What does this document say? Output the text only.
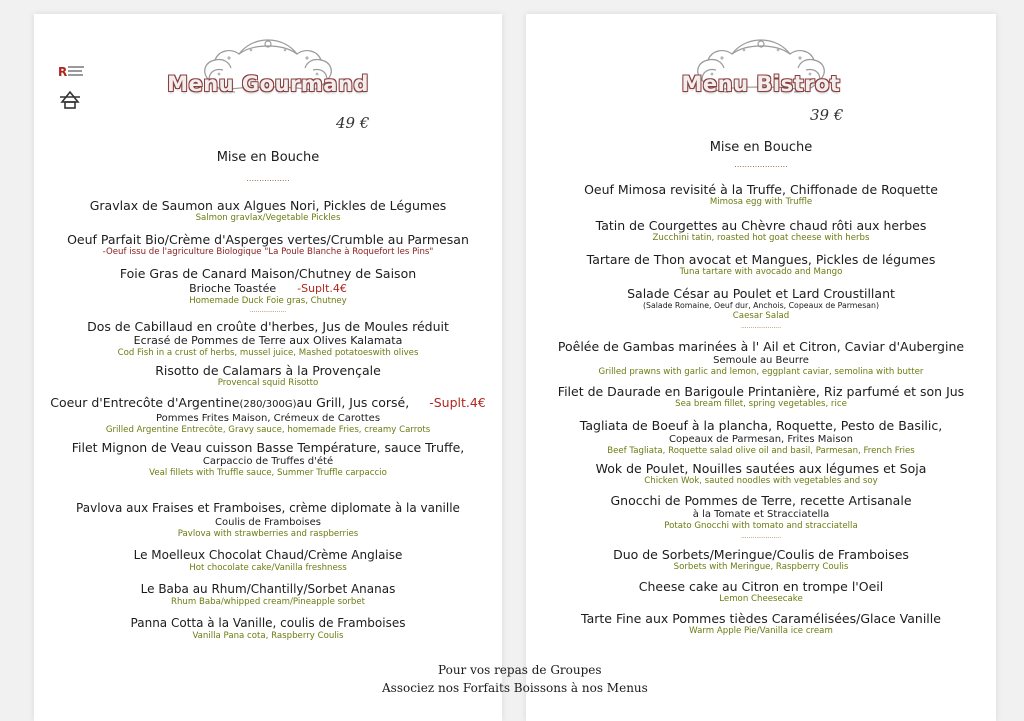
R	Menu Gourmand
49 €
Mise en Bouche
.................
Gravlax de Saumon aux Algues Nori, Pickles de Légumes
Salmon gravlax/Vegetable Pickles
Oeuf Parfait Bio/Crème d'Asperges vertes/Crumble au Parmesan
-Oeuf issu de l'agriculture Biologique "La Poule Blanche à Roquefort les Pins"
Foie Gras de Canard Maison/Chutney de Saison
Brioche Toastée -Suplt.4€
Homemade Duck Foie gras, Chutney
...................
Dos de Cabillaud en croûte d'herbes, Jus de Moules réduit
Ecrasé de Pommes de Terre aux Olives Kalamata
Cod Fish in a crust of herbs, mussel juice, Mashed potatoeswith olives
Risotto de Calamars à la Provençale
Provencal squid Risotto
Coeur d'Entrecôte d'Argentine(280/300G)au Grill, Jus corsé, -Suplt.4€
Pommes Frites Maison, Crémeux de Carottes
Grilled Argentine Entrecôte, Gravy sauce, homemade Fries, creamy Carrots
Filet Mignon de Veau cuisson Basse Température, sauce Truffe,
Carpaccio de Truffes d'été
Veal fillets with Truffle sauce, Summer Truffle carpaccio
Pavlova aux Fraises et Framboises, crème diplomate à la vanille
Coulis de Framboises
Pavlova with strawberries and raspberries
Le Moelleux Chocolat Chaud/Crème Anglaise
Hot chocolate cake/Vanilla freshness
Le Baba au Rhum/Chantilly/Sorbet Ananas
Rhum Baba/whipped cream/Pineapple sorbet
Panna Cotta à la Vanille, coulis de Framboises
Vanilla Pana cota, Raspberry Coulis
Menu Bistrot
39 €
Mise en Bouche
.....................
Oeuf Mimosa revisité à la Truffe, Chiffonade de Roquette
Mimosa egg with Truffle
Tatin de Courgettes au Chèvre chaud rôti aux herbes
Zucchini tatin, roasted hot goat cheese with herbs
Tartare de Thon avocat et Mangues, Pickles de légumes
Tuna tartare with avocado and Mango
Salade César au Poulet et Lard Croustillant
(Salade Romaine, Oeuf dur, Anchois, Copeaux de Parmesan)
Caesar Salad
.....................
Poêlée de Gambas marinées à l' Ail et Citron, Caviar d'Aubergine
Semoule au Beurre
Grilled prawns with garlic and lemon, eggplant caviar, semolina with butter
Filet de Daurade en Barigoule Printanière, Riz parfumé et son Jus
Sea bream fillet, spring vegetables, rice
Tagliata de Boeuf à la plancha, Roquette, Pesto de Basilic,
Copeaux de Parmesan, Frites Maison
Beef Tagliata, Roquette salad olive oil and basil, Parmesan, French Fries
Wok de Poulet, Nouilles sautées aux légumes et Soja
Chicken Wok, sauted noodles with vegetables and soy
Gnocchi de Pommes de Terre, recette Artisanale
à la Tomate et Stracciatella
Potato Gnocchi with tomato and stracciatella
.....................
Duo de Sorbets/Meringue/Coulis de Framboises
Sorbets with Meringue, Raspberry Coulis
Cheese cake au Citron en trompe l'Oeil
Lemon Cheesecake
Tarte Fine aux Pommes tièdes Caramélisées/Glace Vanille
Warm Apple Pie/Vanilla ice cream
Pour vos repas de Groupes
Associez nos Forfaits Boissons à nos Menus
